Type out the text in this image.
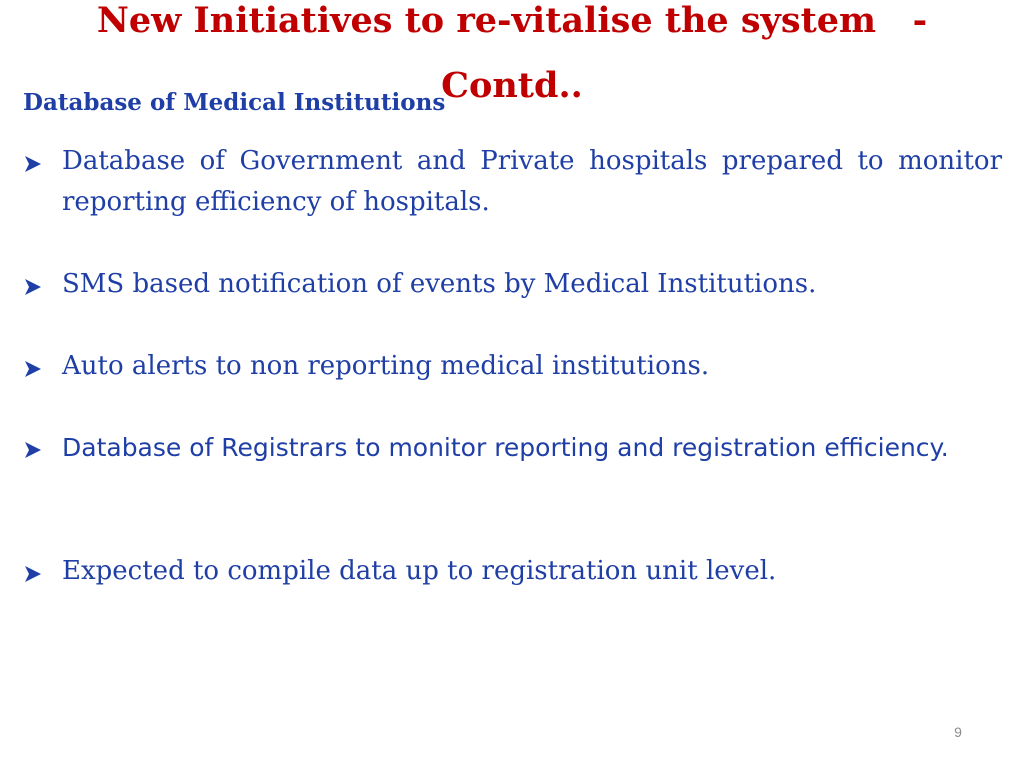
New Initiatives to re-vitalise the system   -
Contd..
Database of Medical Institutions
Database of Government and Private hospitals prepared to monitor reporting efficiency of hospitals.
SMS based notification of events by Medical Institutions.
Auto alerts to non reporting medical institutions.
Database of Registrars to monitor reporting and registration efficiency.
Expected to compile data up to registration unit level.
9
